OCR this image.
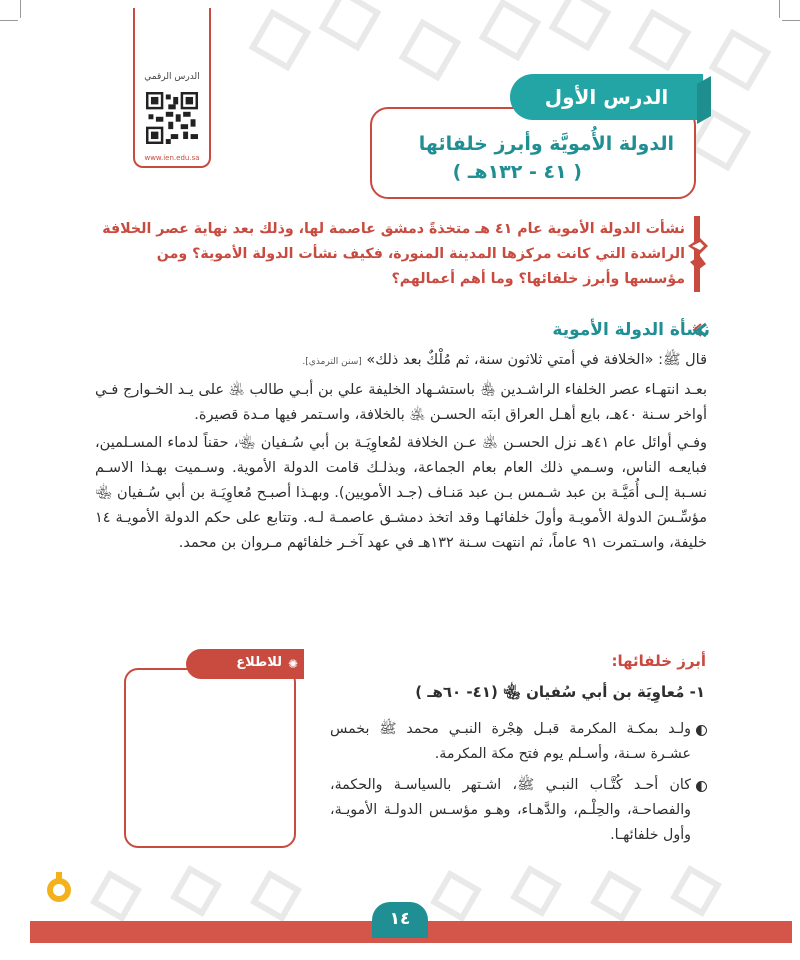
الدرس الرقمي
www.ien.edu.sa
الدولة الأُمويَّة وأبرز خلفائها
( ٤١ - ١٣٢هـ )
الدرس الأول
نشأت الدولة الأموية عام ٤١ هـ متخذةً دمشق عاصمة لها، وذلك بعد نهاية عصر الخلافة الراشدة التي كانت مركزها المدينة المنورة، فكيف نشأت الدولة الأموية؟ ومن مؤسسها وأبرز خلفائها؟ وما أهم أعمالهم؟
نشأة الدولة الأموية

قال ﷺ: «الخلافة في أمتي ثلاثون سنة، ثم مُلْكٌ بعد ذلك» [سنن الترمذي].

بعـد انتهـاء عصر الخلفاء الراشـدين ﵃ باستشـهاد الخليفة علي بن أبـي طالب ﵁ على يـد الخـوارج فـي أواخر سـنة ٤٠هـ، بايع أهـل العراق ابنَه الحسـن ﵁ بالخلافة، واسـتمر فيها مـدة قصيرة.

وفـي أوائل عام ٤١هـ نزل الحسـن ﵁ عـن الخلافة لمُعاوِيَـة بن أبي سُـفيان ﵄، حقناً لدماء المسـلمين، فبايعـه الناس، وسـمي ذلك العام بعام الجماعة، وبذلـك قامت الدولة الأموية. وسـميت بهـذا الاسـم نسـبة إلـى أُمَيَّـة بن عبد شـمس بـن عبد مَنـاف (جـد الأمويين). وبهـذا أصبـح مُعاوِيَـة بن أبي سُـفيان ﵄ مؤسِّـسَ الدولة الأمويـة وأولَ خلفائهـا وقد اتخذ دمشـق عاصمـة لـه. وتتابع على حكم الدولة الأمويـة ١٤ خليفة، واسـتمرت ٩١ عاماً، ثم انتهت سـنة ١٣٢هـ في عهد آخـر خلفائهم مـروان بن محمد.

أبرز خلفائها:
١- مُعاوِيَة بن أبي سُفيان ﵄ (٤١- ٦٠هـ )
ولـد بمكـة المكرمة قبـل هِجْرة النبـي محمد ﷺ بخمس عشـرة سـنة، وأسـلم يوم فتح مكة المكرمة.
كان أحـد كُتَّـاب النبـي ﷺ، اشـتهر بالسياسـة والحكمة، والفصاحـة، والحِلْـم، والدَّهـاء، وهـو مؤسـس الدولـة الأمويـة، وأول خلفائهـا.
للاطلاع ✺
١٤
